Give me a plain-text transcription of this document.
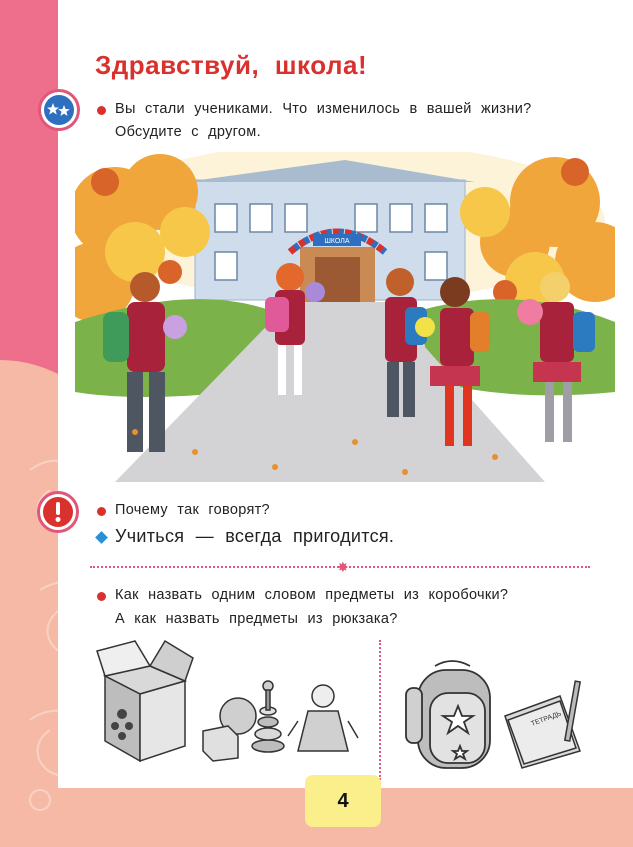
Здравствуй, школа!
Вы стали учениками. Что изменилось в вашей жизни?
Обсудите с другом.
ШКОЛА
Почему так говорят?
Учиться — всегда пригодится.
✸
Как назвать одним словом предметы из коробочки?
А как назвать предметы из рюкзака?
ТЕТРАДЬ
4
